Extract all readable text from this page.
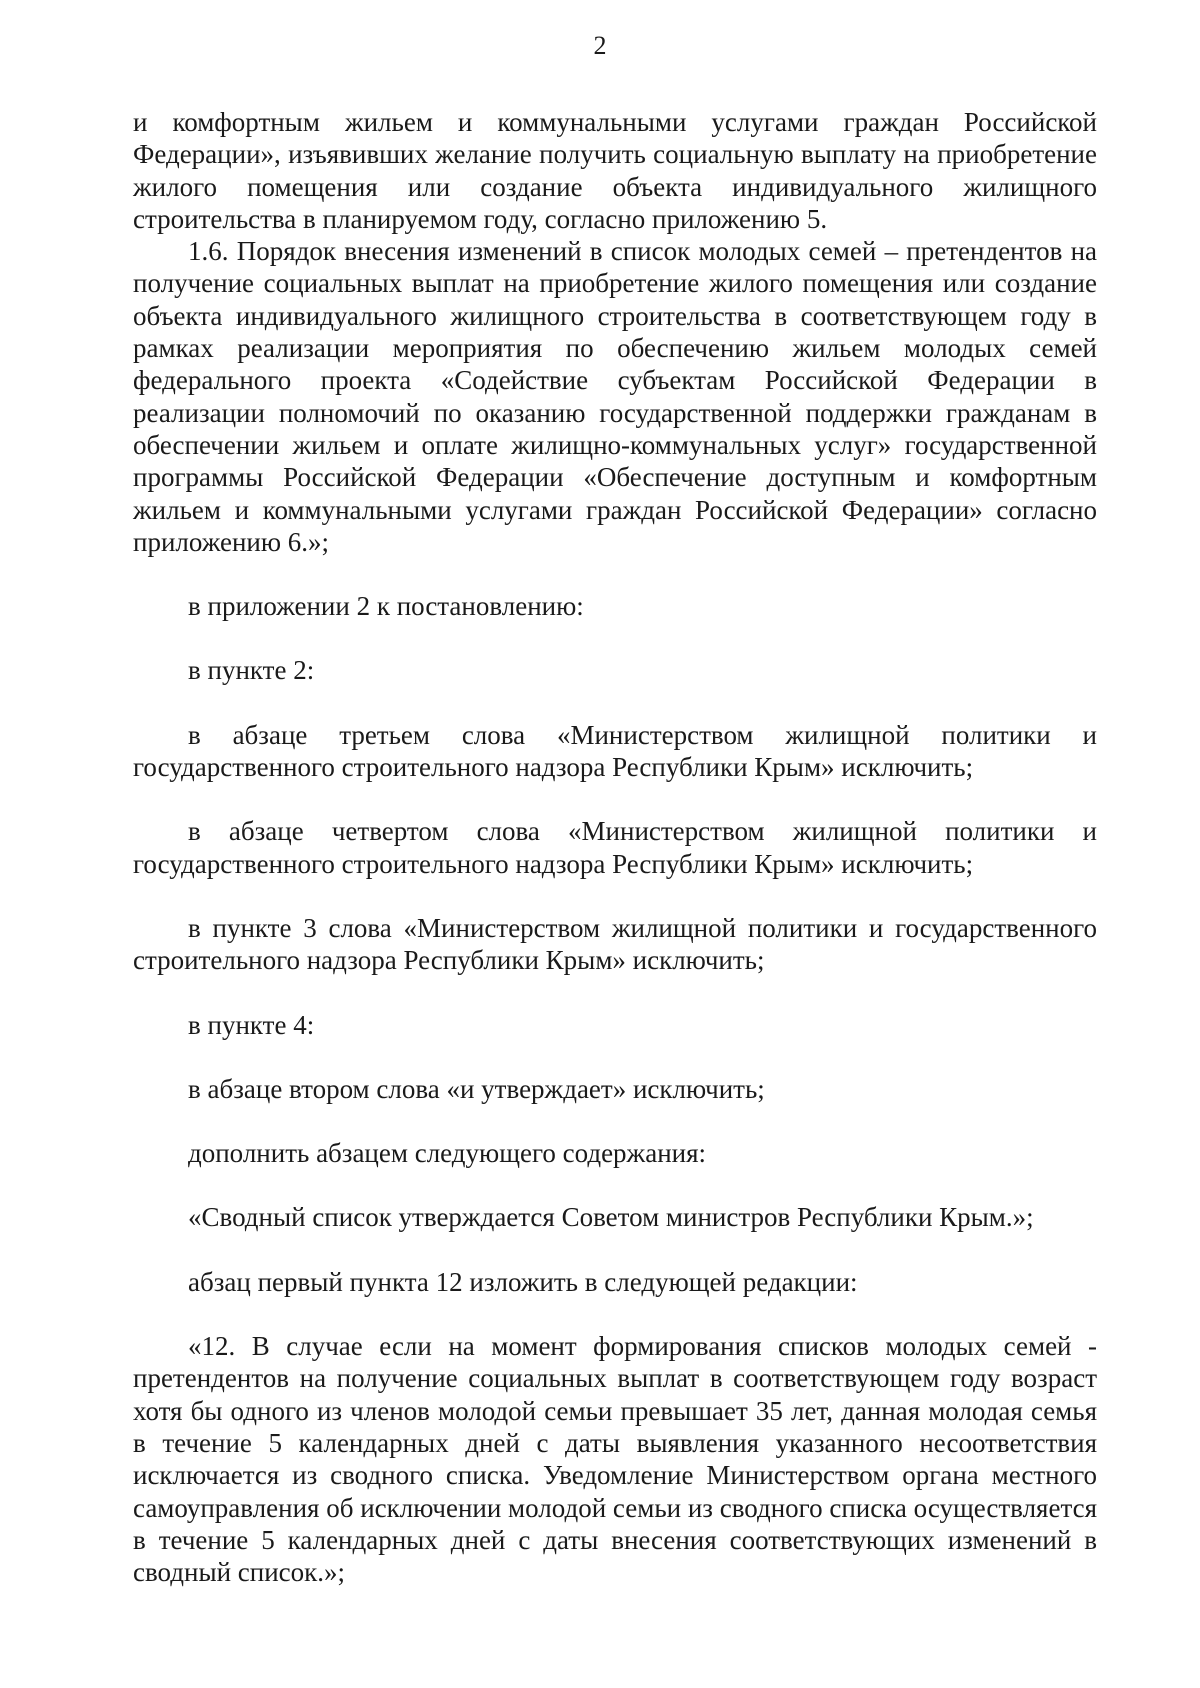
2

и комфортным жильем и коммунальными услугами граждан Российской Федерации», изъявивших желание получить социальную выплату на приобретение жилого помещения или создание объекта индивидуального жилищного строительства в планируемом году, согласно приложению 5.

1.6. Порядок внесения изменений в список молодых семей – претендентов на получение социальных выплат на приобретение жилого помещения или создание объекта индивидуального жилищного строительства в соответствующем году в рамках реализации мероприятия по обеспечению жильем молодых семей федерального проекта «Содействие субъектам Российской Федерации в реализации полномочий по оказанию государственной поддержки гражданам в обеспечении жильем и оплате жилищно-коммунальных услуг» государственной программы Российской Федерации «Обеспечение доступным и комфортным жильем и коммунальными услугами граждан Российской Федерации» согласно приложению 6.»;

в приложении 2 к постановлению:

в пункте 2:

в абзаце третьем слова «Министерством жилищной политики и государственного строительного надзора Республики Крым» исключить;

в абзаце четвертом слова «Министерством жилищной политики и государственного строительного надзора Республики Крым» исключить;

в пункте 3 слова «Министерством жилищной политики и государственного строительного надзора Республики Крым» исключить;

в пункте 4:

в абзаце втором слова «и утверждает» исключить;

дополнить абзацем следующего содержания:

«Сводный список утверждается Советом министров Республики Крым.»;

абзац первый пункта 12 изложить в следующей редакции:

«12. В случае если на момент формирования списков молодых семей - претендентов на получение социальных выплат в соответствующем году возраст хотя бы одного из членов молодой семьи превышает 35 лет, данная молодая семья в течение 5 календарных дней с даты выявления указанного несоответствия исключается из сводного списка. Уведомление Министерством органа местного самоуправления об исключении молодой семьи из сводного списка осуществляется в течение 5 календарных дней с даты внесения соответствующих изменений в сводный список.»;
